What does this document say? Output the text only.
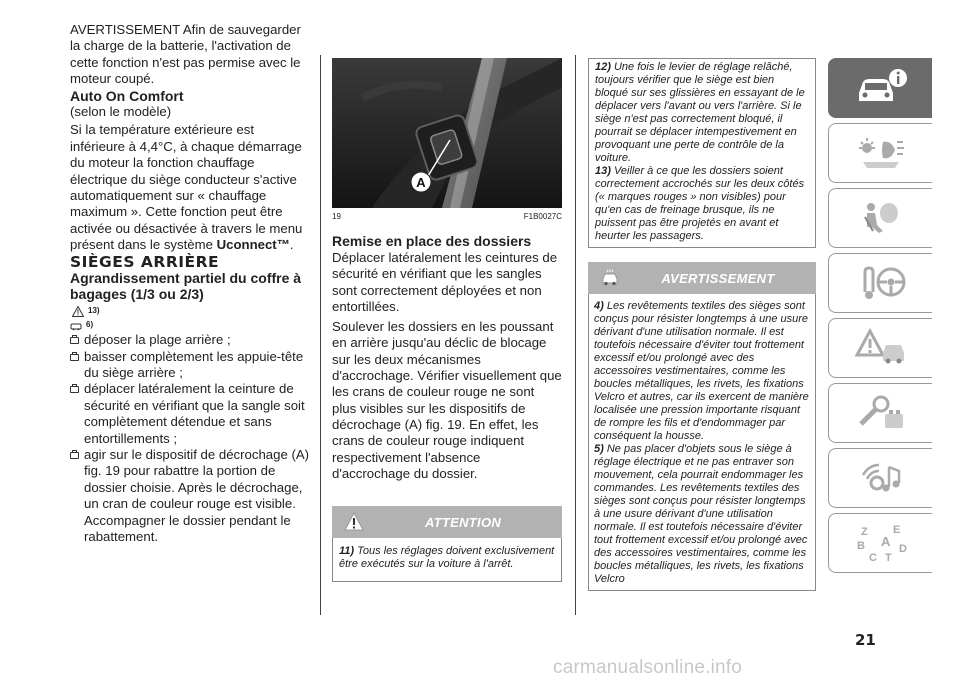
AVERTISSEMENT Afin de sauvegarder la charge de la batterie, l'activation de cette fonction n'est pas permise avec le moteur coupé.

Auto On Comfort

(selon le modèle)

Si la température extérieure est inférieure à 4,4°C, à chaque démarrage du moteur la fonction chauffage électrique du siège conducteur s'active automatiquement sur « chauffage maximum ». Cette fonction peut être activée ou désactivée à travers le menu présent dans le système Uconnect™.

SIÈGES ARRIÈRE

Agrandissement partiel du coffre à bagages (1/3 ou 2/3)

13)
6)
déposer la plage arrière ;
baisser complètement les appuie-tête du siège arrière ;
déplacer latéralement la ceinture de sécurité en vérifiant que la sangle soit complètement détendue et sans entortillements ;
agir sur le dispositif de décrochage (A) fig. 19 pour rabattre la portion de dossier choisie. Après le décrochage, un cran de couleur rouge est visible. Accompagner le dossier pendant le rabattement.
A
19	F1B0027C

Remise en place des dossiers

Déplacer latéralement les ceintures de sécurité en vérifiant que les sangles sont correctement déployées et non entortillées.

Soulever les dossiers en les poussant en arrière jusqu'au déclic de blocage sur les deux mécanismes d'accrochage. Vérifier visuellement que les crans de couleur rouge ne sont plus visibles sur les dispositifs de décrochage (A) fig. 19. En effet, les crans de couleur rouge indiquent respectivement l'absence d'accrochage du dossier.

ATTENTION
11) Tous les réglages doivent exclusivement être exécutés sur la voiture à l'arrêt.

12) Une fois le levier de réglage relâché, toujours vérifier que le siège est bien bloqué sur ses glissières en essayant de le déplacer vers l'avant ou vers l'arrière. Si le siège n'est pas correctement bloqué, il pourrait se déplacer intempestivement en provoquant une perte de contrôle de la voiture.

13) Veiller à ce que les dossiers soient correctement accrochés sur les deux côtés (« marques rouges » non visibles) pour qu'en cas de freinage brusque, ils ne puissent pas être projetés en avant et heurter les passagers.

AVERTISSEMENT

4) Les revêtements textiles des sièges sont conçus pour résister longtemps à une usure dérivant d'une utilisation normale. Il est toutefois nécessaire d'éviter tout frottement excessif et/ou prolongé avec des accessoires vestimentaires, comme les boucles métalliques, les rivets, les fixations Velcro et autres, car ils exercent de manière localisée une pression importante risquant de rompre les fils et d'endommager par conséquent la housse.

5) Ne pas placer d'objets sous le siège à réglage électrique et ne pas entraver son mouvement, cela pourrait endommager les commandes. Les revêtements textiles des sièges sont conçus pour résister longtemps à une usure dérivant d'une utilisation normale. Il est toutefois nécessaire d'éviter tout frottement excessif et/ou prolongé avec des accessoires vestimentaires, comme les boucles métalliques, les rivets, les fixations Velcro

Z E
B A D
C T
21
carmanualsonline.info
